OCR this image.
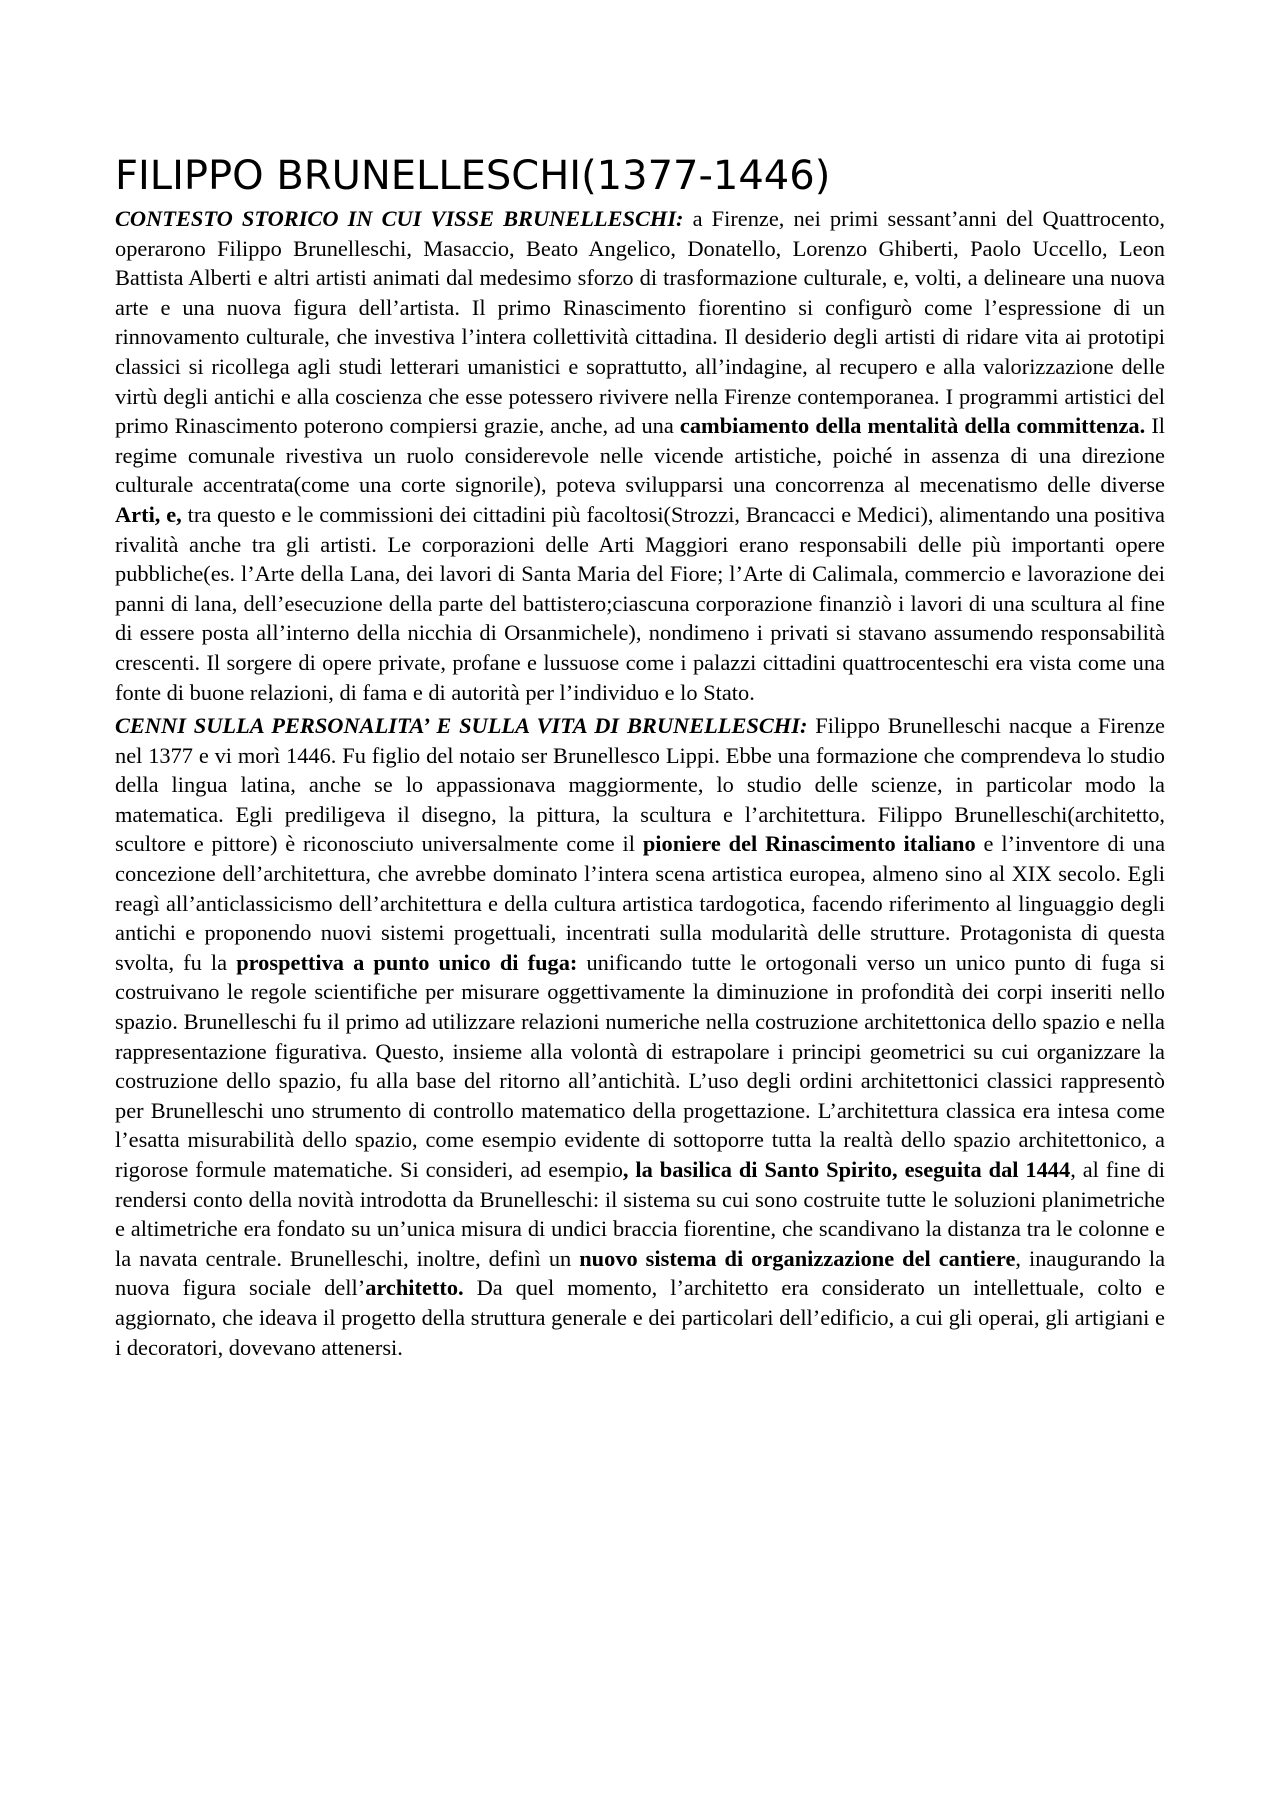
FILIPPO BRUNELLESCHI(1377-1446)

CONTESTO STORICO IN CUI VISSE BRUNELLESCHI: a Firenze, nei primi sessant’anni del Quattrocento, operarono Filippo Brunelleschi, Masaccio, Beato Angelico, Donatello, Lorenzo Ghiberti, Paolo Uccello, Leon Battista Alberti e altri artisti animati dal medesimo sforzo di trasformazione culturale, e, volti, a delineare una nuova arte e una nuova figura dell’artista. Il primo Rinascimento fiorentino si configurò come l’espressione di un rinnovamento culturale, che investiva l’intera collettività cittadina. Il desiderio degli artisti di ridare vita ai prototipi classici si ricollega agli studi letterari umanistici e soprattutto, all’indagine, al recupero e alla valorizzazione delle virtù degli antichi e alla coscienza che esse potessero rivivere nella Firenze contemporanea. I programmi artistici del primo Rinascimento poterono compiersi grazie, anche, ad una cambiamento della mentalità della committenza. Il regime comunale rivestiva un ruolo considerevole nelle vicende artistiche, poiché in assenza di una direzione culturale accentrata(come una corte signorile), poteva svilupparsi una concorrenza al mecenatismo delle diverse Arti, e, tra questo e le commissioni dei cittadini più facoltosi(Strozzi, Brancacci e Medici), alimentando una positiva rivalità anche tra gli artisti. Le corporazioni delle Arti Maggiori erano responsabili delle più importanti opere pubbliche(es. l’Arte della Lana, dei lavori di Santa Maria del Fiore; l’Arte di Calimala, commercio e lavorazione dei panni di lana, dell’esecuzione della parte del battistero;ciascuna corporazione finanziò i lavori di una scultura al fine di essere posta all’interno della nicchia di Orsanmichele), nondimeno i privati si stavano assumendo responsabilità crescenti. Il sorgere di opere private, profane e lussuose come i palazzi cittadini quattrocenteschi era vista come una fonte di buone relazioni, di fama e di autorità per l’individuo e lo Stato.

CENNI SULLA PERSONALITA’ E SULLA VITA DI BRUNELLESCHI: Filippo Brunelleschi nacque a Firenze nel 1377 e vi morì 1446. Fu figlio del notaio ser Brunellesco Lippi. Ebbe una formazione che comprendeva lo studio della lingua latina, anche se lo appassionava maggiormente, lo studio delle scienze, in particolar modo la matematica. Egli prediligeva il disegno, la pittura, la scultura e l’architettura. Filippo Brunelleschi(architetto, scultore e pittore) è riconosciuto universalmente come il pioniere del Rinascimento italiano e l’inventore di una concezione dell’architettura, che avrebbe dominato l’intera scena artistica europea, almeno sino al XIX secolo. Egli reagì all’anticlassicismo dell’architettura e della cultura artistica tardogotica, facendo riferimento al linguaggio degli antichi e proponendo nuovi sistemi progettuali, incentrati sulla modularità delle strutture. Protagonista di questa svolta, fu la prospettiva a punto unico di fuga: unificando tutte le ortogonali verso un unico punto di fuga si costruivano le regole scientifiche per misurare oggettivamente la diminuzione in profondità dei corpi inseriti nello spazio. Brunelleschi fu il primo ad utilizzare relazioni numeriche nella costruzione architettonica dello spazio e nella rappresentazione figurativa. Questo, insieme alla volontà di estrapolare i principi geometrici su cui organizzare la costruzione dello spazio, fu alla base del ritorno all’antichità. L’uso degli ordini architettonici classici rappresentò per Brunelleschi uno strumento di controllo matematico della progettazione. L’architettura classica era intesa come l’esatta misurabilità dello spazio, come esempio evidente di sottoporre tutta la realtà dello spazio architettonico, a rigorose formule matematiche. Si consideri, ad esempio, la basilica di Santo Spirito, eseguita dal 1444, al fine di rendersi conto della novità introdotta da Brunelleschi: il sistema su cui sono costruite tutte le soluzioni planimetriche e altimetriche era fondato su un’unica misura di undici braccia fiorentine, che scandivano la distanza tra le colonne e la navata centrale. Brunelleschi, inoltre, definì un nuovo sistema di organizzazione del cantiere, inaugurando la nuova figura sociale dell’architetto. Da quel momento, l’architetto era considerato un intellettuale, colto e aggiornato, che ideava il progetto della struttura generale e dei particolari dell’edificio, a cui gli operai, gli artigiani e i decoratori, dovevano attenersi.
